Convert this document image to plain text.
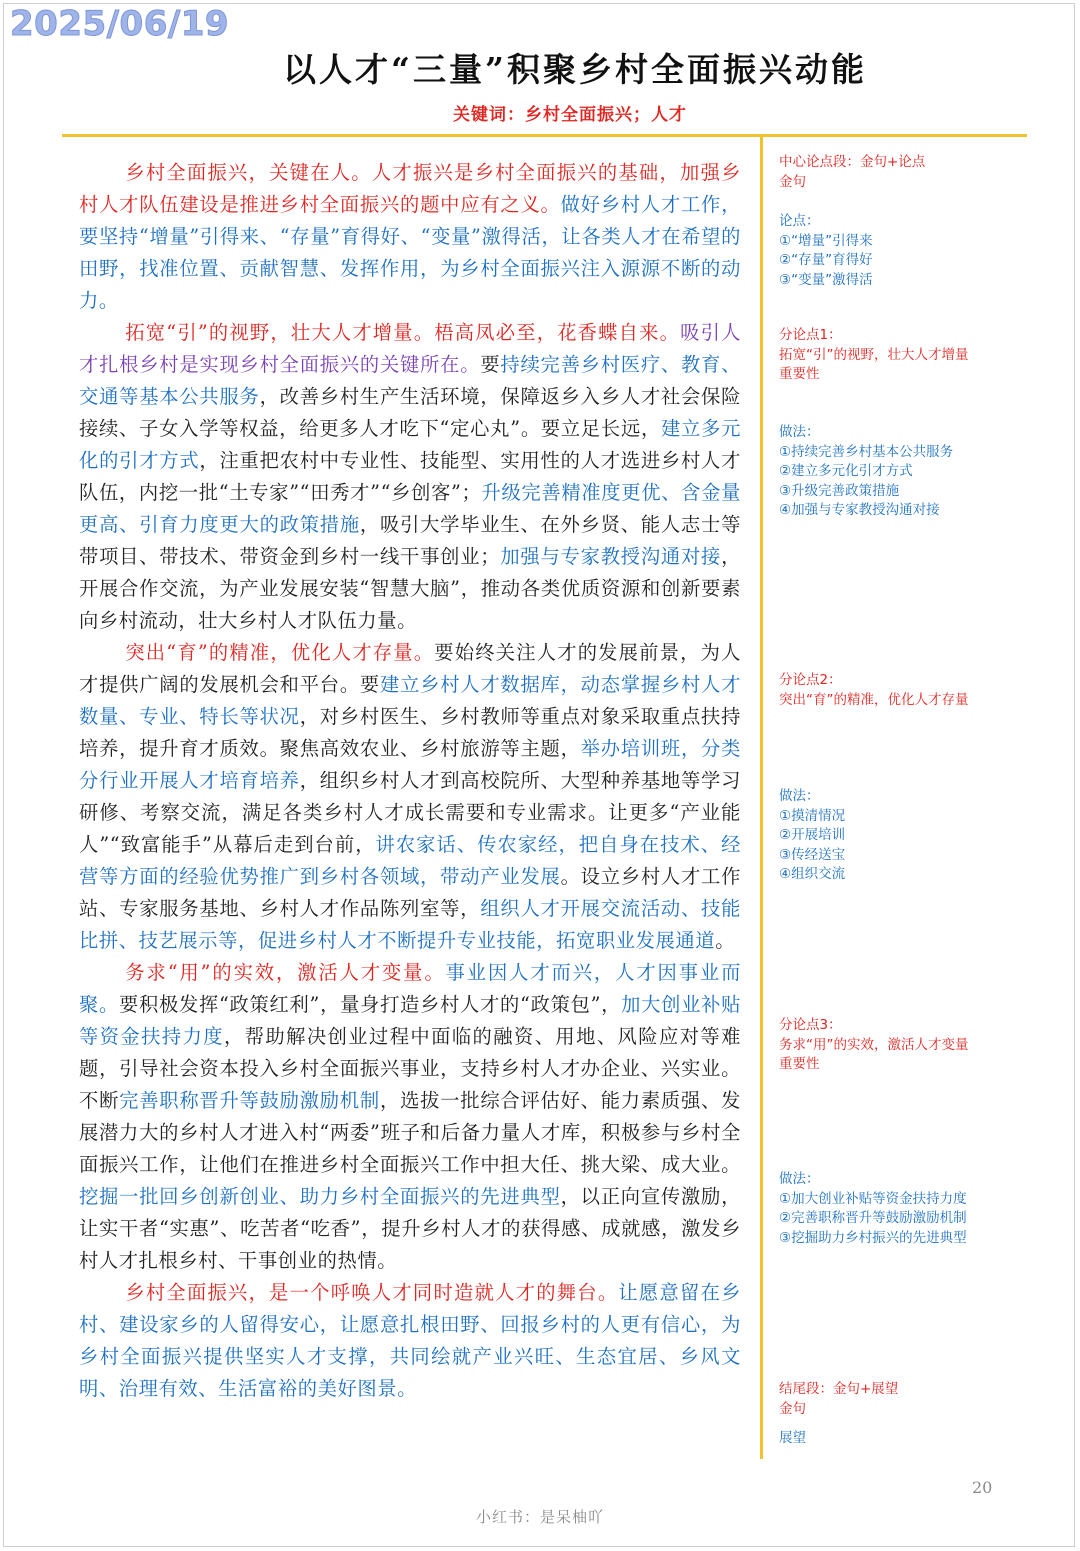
2025/06/19
以人才“三量”积聚乡村全面振兴动能
关键词：乡村全面振兴；人才

乡村全面振兴，关键在人。人才振兴是乡村全面振兴的基础，加强乡村人才队伍建设是推进乡村全面振兴的题中应有之义。做好乡村人才工作，要坚持“增量”引得来、“存量”育得好、“变量”激得活，让各类人才在希望的田野，找准位置、贡献智慧、发挥作用，为乡村全面振兴注入源源不断的动力。

拓宽“引”的视野，壮大人才增量。梧高凤必至，花香蝶自来。吸引人才扎根乡村是实现乡村全面振兴的关键所在。要持续完善乡村医疗、教育、交通等基本公共服务，改善乡村生产生活环境，保障返乡入乡人才社会保险接续、子女入学等权益，给更多人才吃下“定心丸”。要立足长远，建立多元化的引才方式，注重把农村中专业性、技能型、实用性的人才选进乡村人才队伍，内挖一批“土专家”“田秀才”“乡创客”；升级完善精准度更优、含金量更高、引育力度更大的政策措施，吸引大学毕业生、在外乡贤、能人志士等带项目、带技术、带资金到乡村一线干事创业；加强与专家教授沟通对接，开展合作交流，为产业发展安装“智慧大脑”，推动各类优质资源和创新要素向乡村流动，壮大乡村人才队伍力量。

突出“育”的精准，优化人才存量。要始终关注人才的发展前景，为人才提供广阔的发展机会和平台。要建立乡村人才数据库，动态掌握乡村人才数量、专业、特长等状况，对乡村医生、乡村教师等重点对象采取重点扶持培养，提升育才质效。聚焦高效农业、乡村旅游等主题，举办培训班，分类分行业开展人才培育培养，组织乡村人才到高校院所、大型种养基地等学习研修、考察交流，满足各类乡村人才成长需要和专业需求。让更多“产业能人”“致富能手”从幕后走到台前，讲农家话、传农家经，把自身在技术、经营等方面的经验优势推广到乡村各领域，带动产业发展。设立乡村人才工作站、专家服务基地、乡村人才作品陈列室等，组织人才开展交流活动、技能比拼、技艺展示等，促进乡村人才不断提升专业技能，拓宽职业发展通道。

务求“用”的实效，激活人才变量。事业因人才而兴，人才因事业而聚。要积极发挥“政策红利”，量身打造乡村人才的“政策包”，加大创业补贴等资金扶持力度，帮助解决创业过程中面临的融资、用地、风险应对等难题，引导社会资本投入乡村全面振兴事业，支持乡村人才办企业、兴实业。不断完善职称晋升等鼓励激励机制，选拔一批综合评估好、能力素质强、发展潜力大的乡村人才进入村“两委”班子和后备力量人才库，积极参与乡村全面振兴工作，让他们在推进乡村全面振兴工作中担大任、挑大梁、成大业。挖掘一批回乡创新创业、助力乡村全面振兴的先进典型，以正向宣传激励，让实干者“实惠”、吃苦者“吃香”，提升乡村人才的获得感、成就感，激发乡村人才扎根乡村、干事创业的热情。

乡村全面振兴，是一个呼唤人才同时造就人才的舞台。让愿意留在乡村、建设家乡的人留得安心，让愿意扎根田野、回报乡村的人更有信心，为乡村全面振兴提供坚实人才支撑，共同绘就产业兴旺、生态宜居、乡风文明、治理有效、生活富裕的美好图景。

中心论点段：金句+论点
金句
论点：
①“增量”引得来
②“存量”育得好
③“变量”激得活
分论点1：
拓宽“引”的视野，壮大人才增量
重要性
做法：
①持续完善乡村基本公共服务
②建立多元化引才方式
③升级完善政策措施
④加强与专家教授沟通对接
分论点2：
突出“育”的精准，优化人才存量
做法：
①摸清情况
②开展培训
③传经送宝
④组织交流
分论点3：
务求“用”的实效，激活人才变量
重要性
做法：
①加大创业补贴等资金扶持力度
②完善职称晋升等鼓励激励机制
③挖掘助力乡村振兴的先进典型
结尾段：金句+展望
金句
展望
20
小红书：是呆柚吖
